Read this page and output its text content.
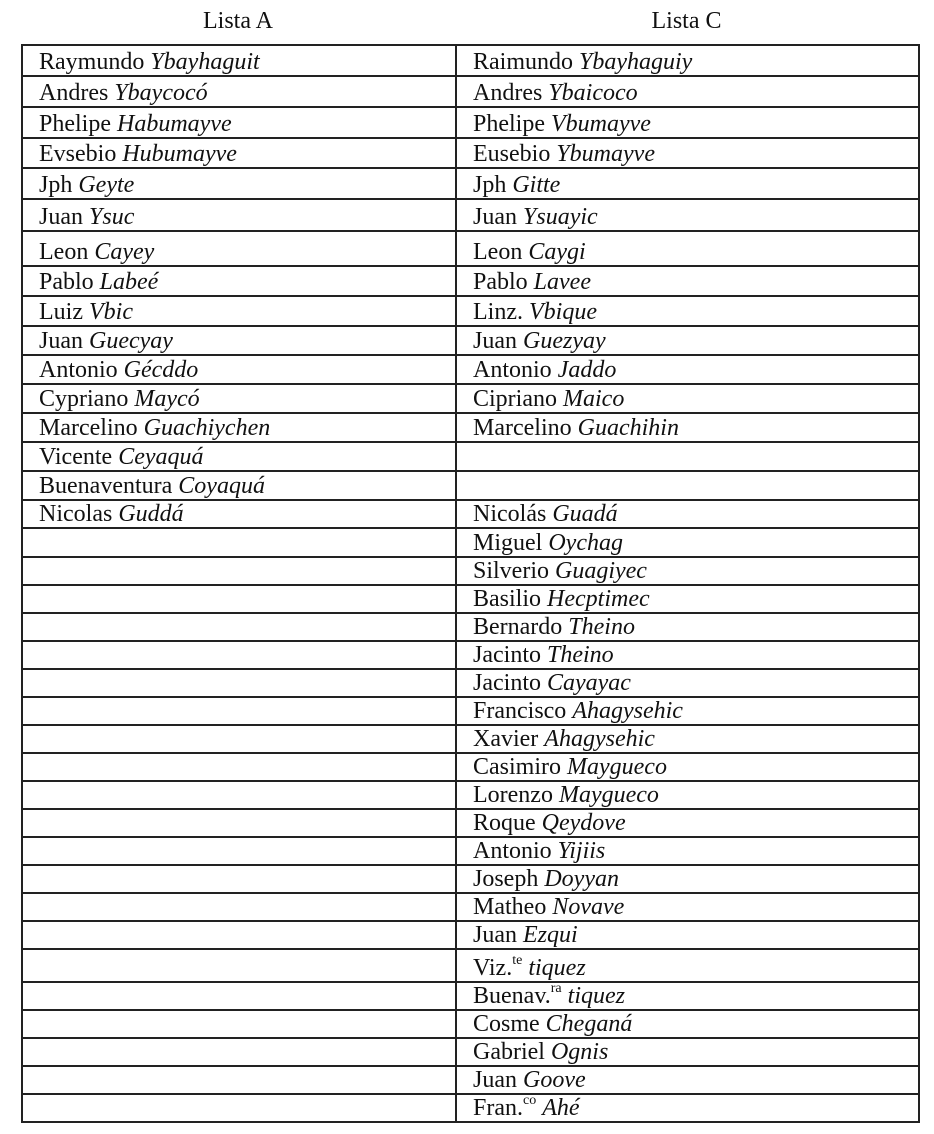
Lista A	Lista C
Raymundo Ybayhaguit	Raimundo Ybayhaguiy
Andres Ybaycocó	Andres Ybaicoco
Phelipe Habumayve	Phelipe Vbumayve
Evsebio Hubumayve	Eusebio Ybumayve
Jph Geyte	Jph Gitte
Juan Ysuc	Juan Ysuayic
Leon Cayey	Leon Caygi
Pablo Labeé	Pablo Lavee
Luiz Vbic	Linz. Vbique
Juan Guecyay	Juan Guezyay
Antonio Gécddo	Antonio Jaddo
Cypriano Maycó	Cipriano Maico
Marcelino Guachiychen	Marcelino Guachihin
Vicente Ceyaquá	
Buenaventura Coyaquá	
Nicolas Guddá	Nicolás Guadá
	Miguel Oychag
	Silverio Guagiyec
	Basilio Hecptimec
	Bernardo Theino
	Jacinto Theino
	Jacinto Cayayac
	Francisco Ahagysehic
	Xavier Ahagysehic
	Casimiro Maygueco
	Lorenzo Maygueco
	Roque Qeydove
	Antonio Yijiis
	Joseph Doyyan
	Matheo Novave
	Juan Ezqui
	Viz.$^{te}$ tiquez
	Buenav.$^{ra}$ tiquez
	Cosme Cheganá
	Gabriel Ognis
	Juan Goove
	Fran.$^{co}$ Ahé
